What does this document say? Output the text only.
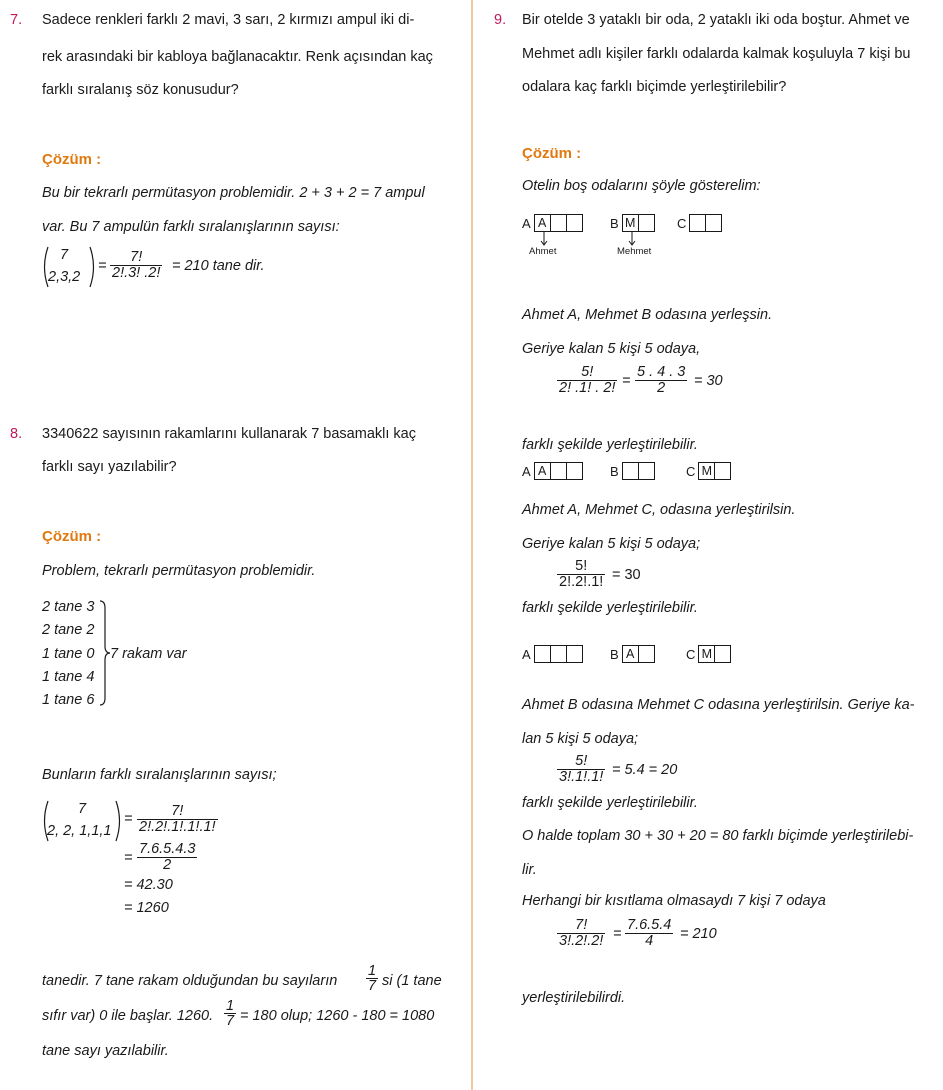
7. Sadece renkleri farklı 2 mavi, 3 sarı, 2 kırmızı ampul iki di-
rek arasındaki bir kabloya bağlanacaktır. Renk açısından kaç
farklı sıralanış söz konusudur?
Çözüm :
Bu bir tekrarlı permütasyon problemidir. 2 + 3 + 2 = 7 ampul
var. Bu 7 ampulün farklı sıralanışlarının sayısı:
7
2,3,2
= $\frac{7!}{2!.3! .2!} = 210$ tane dir.
8. 3340622 sayısının rakamlarını kullanarak 7 basamaklı kaç
farklı sayı yazılabilir?
Çözüm :
Problem, tekrarlı permütasyon problemidir.
2 tane 3
2 tane 2
1 tane 0
1 tane 4
1 tane 6
7 rakam var
Bunların farklı sıralanışlarının sayısı;
7
2, 2, 1,1,1
= $\frac{7!}{2!.2!.1!.1!.1!}$
= $\frac{7.6.5.4.3}{2}$
= 42.30
= 1260
tanedir. 7 tane rakam olduğundan bu sayıların $\frac{1}{7}$ si (1 tane
sıfır var) 0 ile başlar. 1260. $\frac{1}{7} = 180$ olup; 1260 - 180 = 1080
tane sayı yazılabilir.
9. Bir otelde 3 yataklı bir oda, 2 yataklı iki oda boştur. Ahmet ve
Mehmet adlı kişiler farklı odalarda kalmak koşuluyla 7 kişi bu
odalara kaç farklı biçimde yerleştirilebilir?
Çözüm :
Otelin boş odalarını şöyle gösterelim:
A A	B M	C
Ahmet	Mehmet
Ahmet A, Mehmet B odasına yerleşsin.
Geriye kalan 5 kişi 5 odaya,
$\frac{5!}{2! .1! . 2!} = \frac{5 . 4 . 3}{2} = 30$
farklı şekilde yerleştirilebilir.
A A	B	C M
Ahmet A, Mehmet C, odasına yerleştirilsin.
Geriye kalan 5 kişi 5 odaya;
$\frac{5!}{2!.2!.1!} = 30$
farklı şekilde yerleştirilebilir.
A	B A	C M
Ahmet B odasına Mehmet C odasına yerleştirilsin. Geriye ka-
lan 5 kişi 5 odaya;
$\frac{5!}{3!.1!.1!} = 5.4 = 20$
farklı şekilde yerleştirilebilir.
O halde toplam 30 + 30 + 20 = 80 farklı biçimde yerleştirilebi-
lir.
Herhangi bir kısıtlama olmasaydı 7 kişi 7 odaya
$\frac{7!}{3!.2!.2!} = \frac{7.6.5.4}{4} = 210$
yerleştirilebilirdi.
